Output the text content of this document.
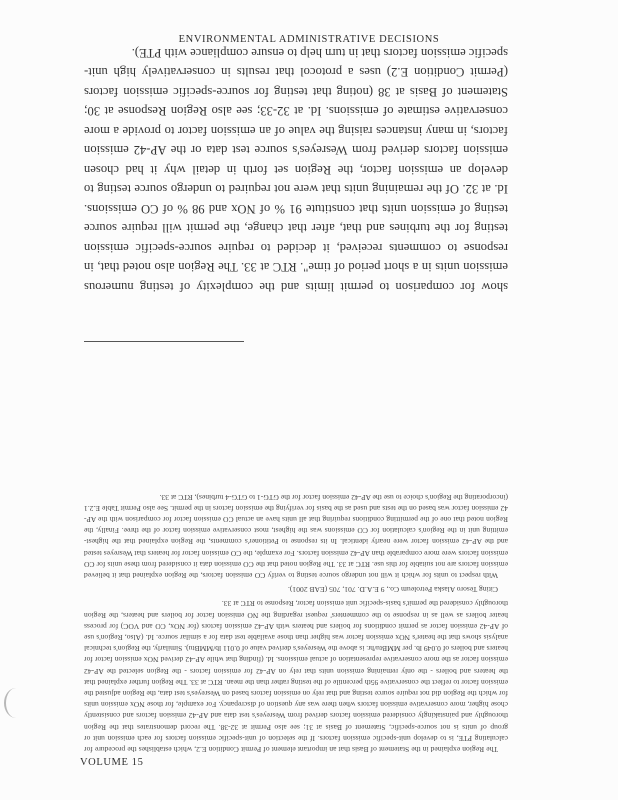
ENVIRONMENTAL ADMINISTRATIVE DECISIONS
show for comparison to permit limits and the complexity of testing numerous emission units in a short period of time". RTC at 33. The Region also noted that, in response to comments received, it decided to require source-specific emission testing for the turbines and that, after that change, the permit will require source testing of emission units that constitute 91 % of NOx and 98 % of CO emissions. Id. at 32. Of the remaining units that were not required to undergo source testing to develop an emission factor, the Region set forth in detail why it had chosen emission factors derived from Wesreyes's source test data or the AP-42 emission factors, in many instances raising the value of an emission factor to provide a more conservative estimate of emissions. Id. at 32-33; see also Region Response at 30; Statement of Basis at 38 (noting that testing for source-specific emission factors (Permit Condition E.2) uses a protocol that results in conservatively high unit-specific emission factors that in turn help to ensure compliance with PTE).

The Region explained in the Statement of Basis that an important element of Permit Condition E.2, which establishes the procedure for calculating PTE, is to develop unit-specific emission factors. If the selection of unit-specific emission factors for each emission unit or group of units is not source-specific, Statement of Basis at 31; see also Permit at 32-38. The record demonstrates that the Region thoroughly and painstakingly considered emission factors derived from Wesreyes's test data and AP-42 emission factors and consistently chose higher, more conservative emission factors when there was any question of discrepancy. For example, for those NOx emission units for which the Region did not require source testing and that rely on emission factors based on Wesreyes's test data, the Region adjusted the emission factor to reflect the conservative 95th percentile of the testing rather than the mean. RTC at 33. The Region further explained that the heaters and boilers - the only remaining emission units that rely on AP-42 for emission factors - the Region selected the AP-42 emission factor as the more conservative representation of actual emissions. Id. (finding that while AP-42 derived NOx emission factor for heaters and boilers of 0.049 lb. per MMBtu/hr. is above the Wesreyes's derived value of 0.011 lb/MMBtu). Similarly, the Region's technical analysis shows that the heater's NOx emission factor was higher than those available test data for a similar source. Id. (Also, Region's use of AP-42 emission factor as permit conditions for boilers and heaters with AP-42 emission factors (for NOx, CO and VOC) for process heater boilers as well as in response to the commenters' request regarding the NO emission factor for boilers and heaters, the Region thoroughly considered the permit's basis-specific unit emission factor, Response to RTC at 33.

Citing Tesoro Alaska Petroleum Co., 9 E.A.D. 701, 705 (EAB 2001).

With respect to units for which it will not undergo source testing to verify CO emission factors, the Region explained that it believed emission factors are not suitable for this use. RTC at 33. The Region noted that the CO emission data it considered from these units for CO emission factors were more comparable than AP-42 emission factors. For example, the CO emission factor for heaters that Wesreyes tested and the AP-42 emission factor were nearly identical. In its response to Petitioner's comments, the Region explained that the highest-emitting unit in the Region's calculation for CO emissions was the highest, most conservative emission factor of the three. Finally, the Region noted that one of the permitting conditions requiring that all units have an actual CO emission factor for comparison with the AP-42 emission factor was based on the tests and used as the basis for verifying the emission factors in the permit. See also Permit Table E.2.1 (incorporating the Region's choice to use the AP-42 emission factor for the GTG-1 to GTG-4 turbines), RTC at 33.

VOLUME 15
